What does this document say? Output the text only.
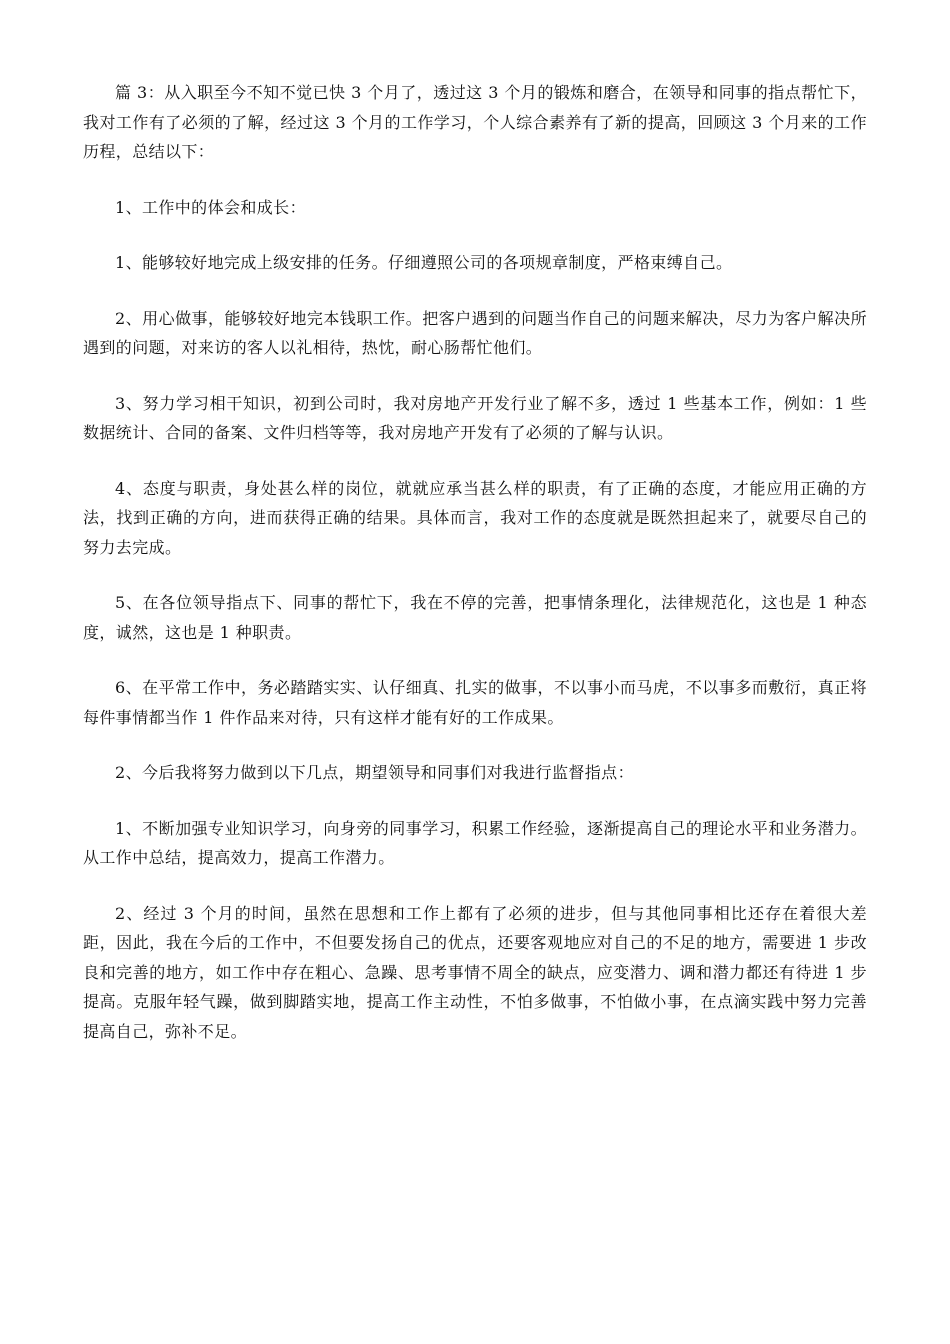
篇 3：从入职至今不知不觉已快 3 个月了，透过这 3 个月的锻炼和磨合，在领导和同事的指点帮忙下，我对工作有了必须的了解，经过这 3 个月的工作学习，个人综合素养有了新的提高，回顾这 3 个月来的工作历程，总结以下：

1、工作中的体会和成长：

1、能够较好地完成上级安排的任务。仔细遵照公司的各项规章制度，严格束缚自己。

2、用心做事，能够较好地完本钱职工作。把客户遇到的问题当作自己的问题来解决，尽力为客户解决所遇到的问题，对来访的客人以礼相待，热忱，耐心肠帮忙他们。

3、努力学习相干知识，初到公司时，我对房地产开发行业了解不多，透过 1 些基本工作，例如：1 些数据统计、合同的备案、文件归档等等，我对房地产开发有了必须的了解与认识。

4、态度与职责，身处甚么样的岗位，就就应承当甚么样的职责，有了正确的态度，才能应用正确的方法，找到正确的方向，进而获得正确的结果。具体而言，我对工作的态度就是既然担起来了，就要尽自己的努力去完成。

5、在各位领导指点下、同事的帮忙下，我在不停的完善，把事情条理化，法律规范化，这也是 1 种态度，诚然，这也是 1 种职责。

6、在平常工作中，务必踏踏实实、认仔细真、扎实的做事，不以事小而马虎，不以事多而敷衍，真正将每件事情都当作 1 件作品来对待，只有这样才能有好的工作成果。

2、今后我将努力做到以下几点，期望领导和同事们对我进行监督指点：

1、不断加强专业知识学习，向身旁的同事学习，积累工作经验，逐渐提高自己的理论水平和业务潜力。从工作中总结，提高效力，提高工作潜力。

2、经过 3 个月的时间，虽然在思想和工作上都有了必须的进步，但与其他同事相比还存在着很大差距，因此，我在今后的工作中，不但要发扬自己的优点，还要客观地应对自己的不足的地方，需要进 1 步改良和完善的地方，如工作中存在粗心、急躁、思考事情不周全的缺点，应变潜力、调和潜力都还有待进 1 步提高。克服年轻气躁，做到脚踏实地，提高工作主动性，不怕多做事，不怕做小事，在点滴实践中努力完善提高自己，弥补不足。
